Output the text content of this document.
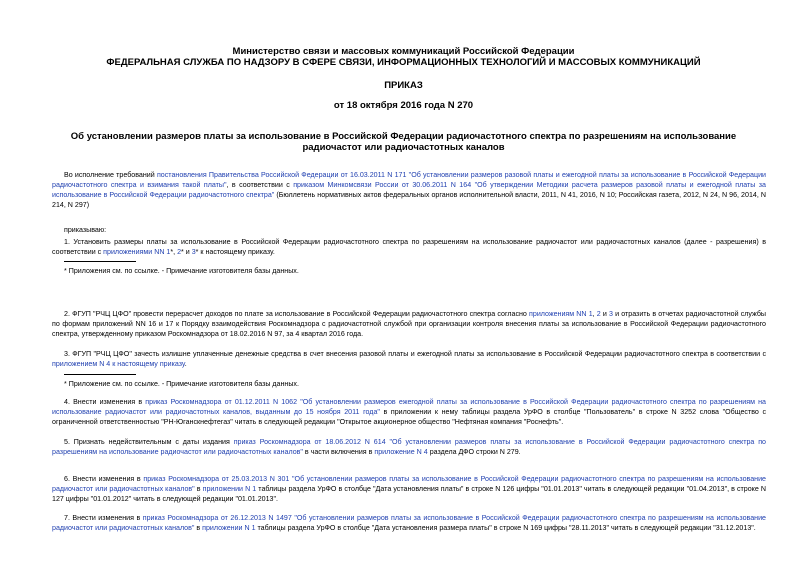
Министерство связи и массовых коммуникаций Российской Федерации
ФЕДЕРАЛЬНАЯ СЛУЖБА ПО НАДЗОРУ В СФЕРЕ СВЯЗИ, ИНФОРМАЦИОННЫХ ТЕХНОЛОГИЙ И МАССОВЫХ КОММУНИКАЦИЙ
ПРИКАЗ
от 18 октября 2016 года N 270
Об установлении размеров платы за использование в Российской Федерации радиочастотного спектра по разрешениям на использование радиочастот или радиочастотных каналов
Во исполнение требований постановления Правительства Российской Федерации от 16.03.2011 N 171 "Об установлении размеров разовой платы и ежегодной платы за использование в Российской Федерации радиочастотного спектра и взимания такой платы", в соответствии с приказом Минкомсвязи России от 30.06.2011 N 164 "Об утверждении Методики расчета размеров разовой платы и ежегодной платы за использование в Российской Федерации радиочастотного спектра" (Бюллетень нормативных актов федеральных органов исполнительной власти, 2011, N 41, 2016, N 10; Российская газета, 2012, N 24, N 96, 2014, N 214, N 297)
приказываю:
1. Установить размеры платы за использование в Российской Федерации радиочастотного спектра по разрешениям на использование радиочастот или радиочастотных каналов (далее - разрешения) в соответствии с приложениями NN 1*, 2* и 3* к настоящему приказу.
* Приложения см. по ссылке. - Примечание изготовителя базы данных.
2. ФГУП "РЧЦ ЦФО" провести перерасчет доходов по плате за использование в Российской Федерации радиочастотного спектра согласно приложениям NN 1, 2 и 3 и отразить в отчетах радиочастотной службы по формам приложений NN 16 и 17 к Порядку взаимодействия Роскомнадзора с радиочастотной службой при организации контроля внесения платы за использование в Российской Федерации радиочастотного спектра, утвержденному приказом Роскомнадзора от 18.02.2016 N 97, за 4 квартал 2016 года.
3. ФГУП "РЧЦ ЦФО" зачесть излишне уплаченные денежные средства в счет внесения разовой платы и ежегодной платы за использование в Российской Федерации радиочастотного спектра в соответствии с приложением N 4 к настоящему приказу.
* Приложение см. по ссылке. - Примечание изготовителя базы данных.
4. Внести изменения в приказ Роскомнадзора от 01.12.2011 N 1062 "Об установлении размеров ежегодной платы за использование в Российской Федерации радиочастотного спектра по разрешениям на использование радиочастот или радиочастотных каналов, выданным до 15 ноября 2011 года" в приложении к нему таблицы раздела УрФО в столбце "Пользователь" в строке N 3252 слова "Общество с ограниченной ответственностью "РН-Юганскнефтегаз" читать в следующей редакции "Открытое акционерное общество "Нефтяная компания "Роснефть".
5. Признать недействительным с даты издания приказ Роскомнадзора от 18.06.2012 N 614 "Об установлении размеров платы за использование в Российской Федерации радиочастотного спектра по разрешениям на использование радиочастот или радиочастотных каналов" в части включения в приложение N 4 раздела ДФО строки N 279.
6. Внести изменения в приказ Роскомнадзора от 25.03.2013 N 301 "Об установлении размеров платы за использование в Российской Федерации радиочастотного спектра по разрешениям на использование радиочастот или радиочастотных каналов" в приложении N 1 таблицы раздела УрФО в столбце "Дата установления платы" в строке N 126 цифры "01.01.2013" читать в следующей редакции "01.04.2013", в строке N 127 цифры "01.01.2012" читать в следующей редакции "01.01.2013".
7. Внести изменения в приказ Роскомнадзора от 26.12.2013 N 1497 "Об установлении размеров платы за использование в Российской Федерации радиочастотного спектра по разрешениям на использование радиочастот или радиочастотных каналов" в приложении N 1 таблицы раздела УрФО в столбце "Дата установления размера платы" в строке N 169 цифры "28.11.2013" читать в следующей редакции "31.12.2013".
